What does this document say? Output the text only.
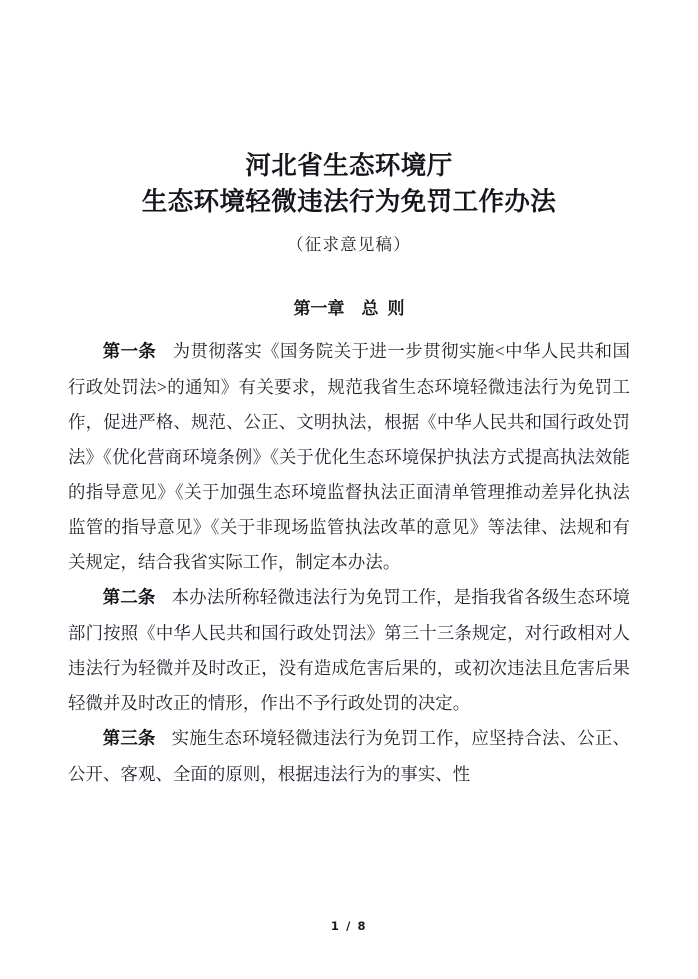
河北省生态环境厅
生态环境轻微违法行为免罚工作办法
（征求意见稿）
第一章 总 则

第一条 为贯彻落实《国务院关于进一步贯彻实施<中华人民共和国行政处罚法>的通知》有关要求，规范我省生态环境轻微违法行为免罚工作，促进严格、规范、公正、文明执法，根据《中华人民共和国行政处罚法》《优化营商环境条例》《关于优化生态环境保护执法方式提高执法效能的指导意见》《关于加强生态环境监督执法正面清单管理推动差异化执法监管的指导意见》《关于非现场监管执法改革的意见》等法律、法规和有关规定，结合我省实际工作，制定本办法。

第二条 本办法所称轻微违法行为免罚工作，是指我省各级生态环境部门按照《中华人民共和国行政处罚法》第三十三条规定，对行政相对人违法行为轻微并及时改正，没有造成危害后果的，或初次违法且危害后果轻微并及时改正的情形，作出不予行政处罚的决定。

第三条 实施生态环境轻微违法行为免罚工作，应坚持合法、公正、公开、客观、全面的原则，根据违法行为的事实、性

1 / 8
